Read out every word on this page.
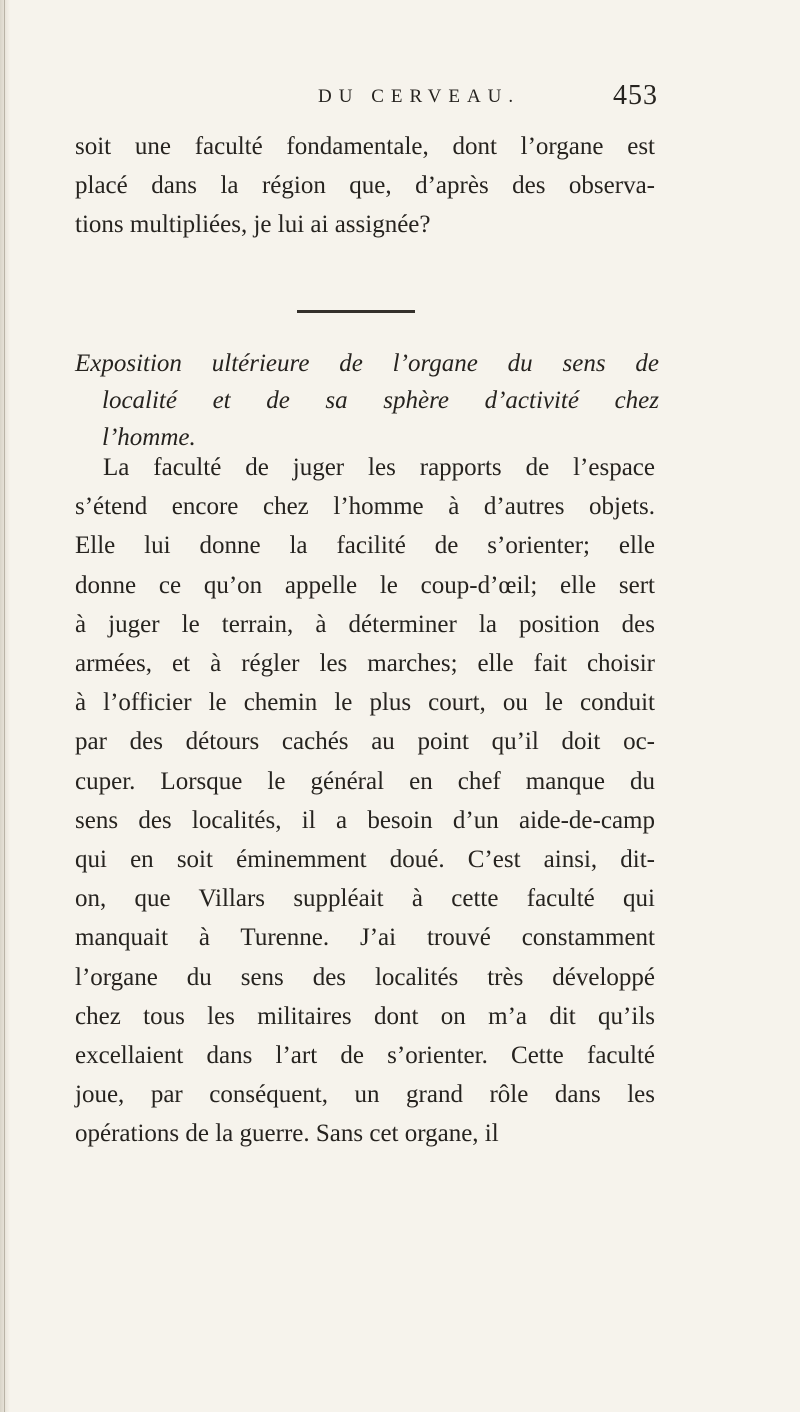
DU CERVEAU.	453

soit une faculté fondamentale, dont l’organe est
placé dans la région que, d’après des observa-
tions multipliées, je lui ai assignée?

Exposition ultérieure de l’organe du sens de
localité et de sa sphère d’activité chez
l’homme.

La faculté de juger les rapports de l’espace
s’étend encore chez l’homme à d’autres objets.
Elle lui donne la facilité de s’orienter; elle
donne ce qu’on appelle le coup-d’œil; elle sert
à juger le terrain, à déterminer la position des
armées, et à régler les marches; elle fait choisir
à l’officier le chemin le plus court, ou le conduit
par des détours cachés au point qu’il doit oc-
cuper. Lorsque le général en chef manque du
sens des localités, il a besoin d’un aide-de-camp
qui en soit éminemment doué. C’est ainsi, dit-
on, que Villars suppléait à cette faculté qui
manquait à Turenne. J’ai trouvé constamment
l’organe du sens des localités très développé
chez tous les militaires dont on m’a dit qu’ils
excellaient dans l’art de s’orienter. Cette faculté
joue, par conséquent, un grand rôle dans les
opérations de la guerre. Sans cet organe, il
